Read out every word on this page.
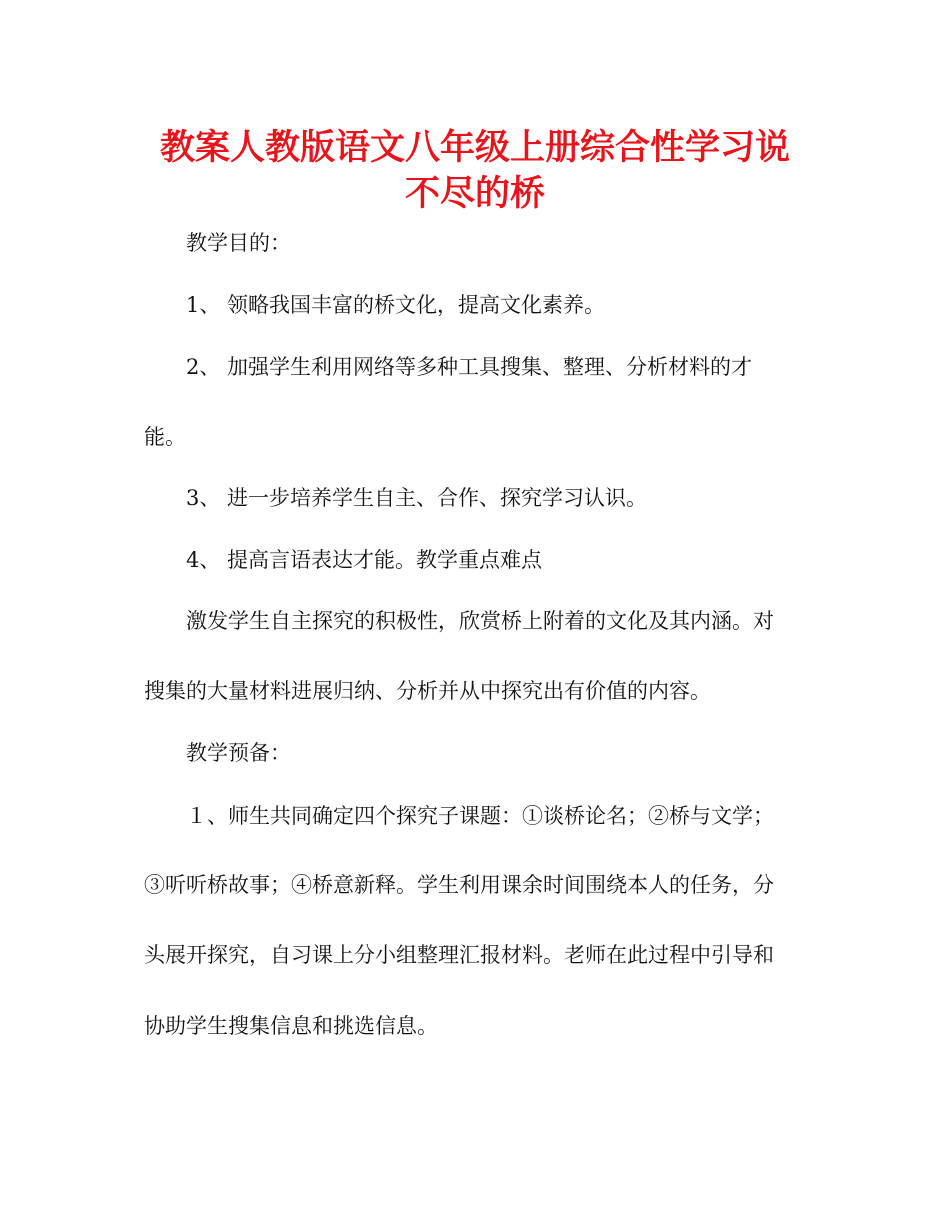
教案人教版语文八年级上册综合性学习说
不尽的桥
教学目的：
1、 领略我国丰富的桥文化，提高文化素养。
2、 加强学生利用网络等多种工具搜集、整理、分析材料的才
能。
3、 进一步培养学生自主、合作、探究学习认识。
4、 提高言语表达才能。教学重点难点
激发学生自主探究的积极性，欣赏桥上附着的文化及其内涵。对
搜集的大量材料进展归纳、分析并从中探究出有价值的内容。
教学预备：
１、师生共同确定四个探究子课题：①谈桥论名；②桥与文学；
③听听桥故事；④桥意新释。学生利用课余时间围绕本人的任务，分
头展开探究，自习课上分小组整理汇报材料。老师在此过程中引导和
协助学生搜集信息和挑选信息。
